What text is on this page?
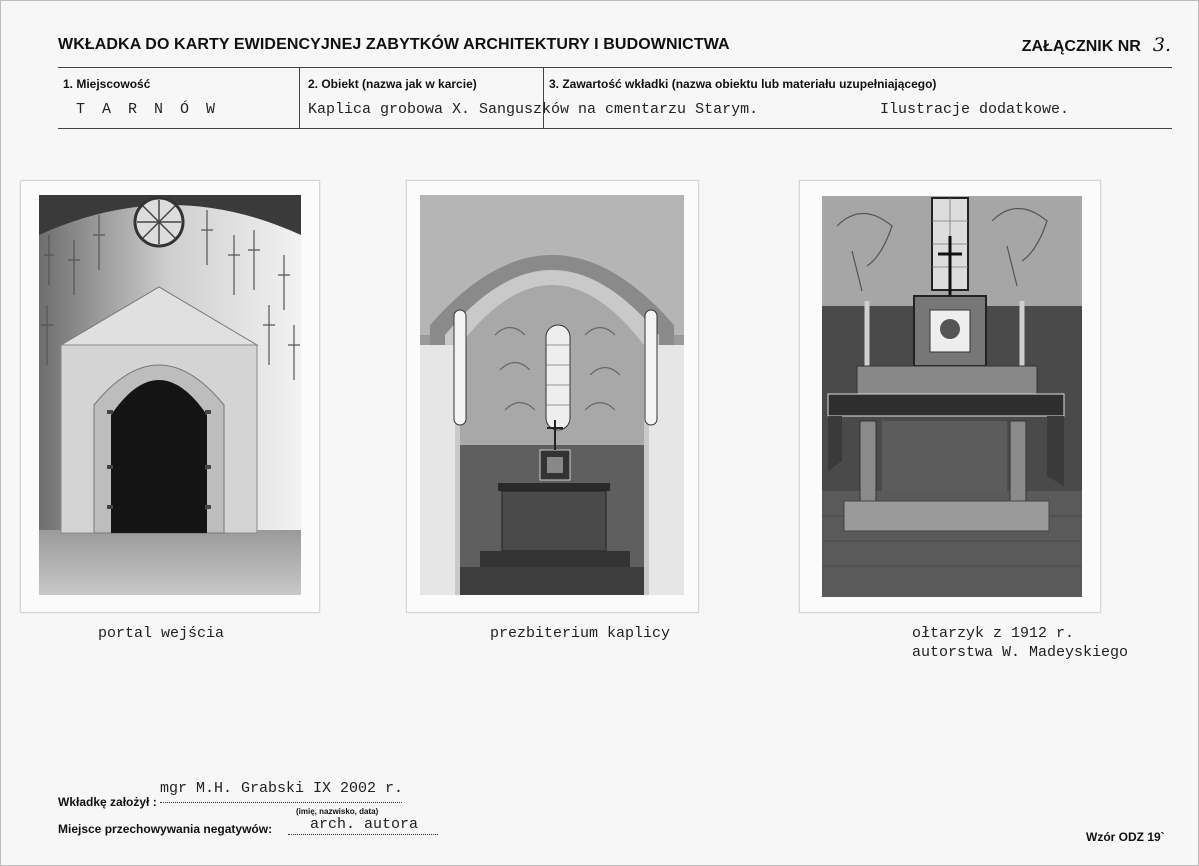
WKŁADKA DO KARTY EWIDENCYJNEJ ZABYTKÓW ARCHITEKTURY I BUDOWNICTWA	ZAŁĄCZNIK NR 3.
1. Miejscowość
T A R N Ó W
2. Obiekt (nazwa jak w karcie)
Kaplica grobowa X. Sanguszków na cmentarzu Starym.
3. Zawartość wkładki (nazwa obiektu lub materiału uzupełniającego)
Ilustracje dodatkowe.
portal wejścia	prezbiterium kaplicy	ołtarzyk z 1912 r.
autorstwa W. Madeyskiego
Wkładkę założył :
mgr M.H. Grabski IX 2002 r.
(imię, nazwisko, data)
Miejsce przechowywania negatywów:	arch. autora
Wzór ODZ 19`
